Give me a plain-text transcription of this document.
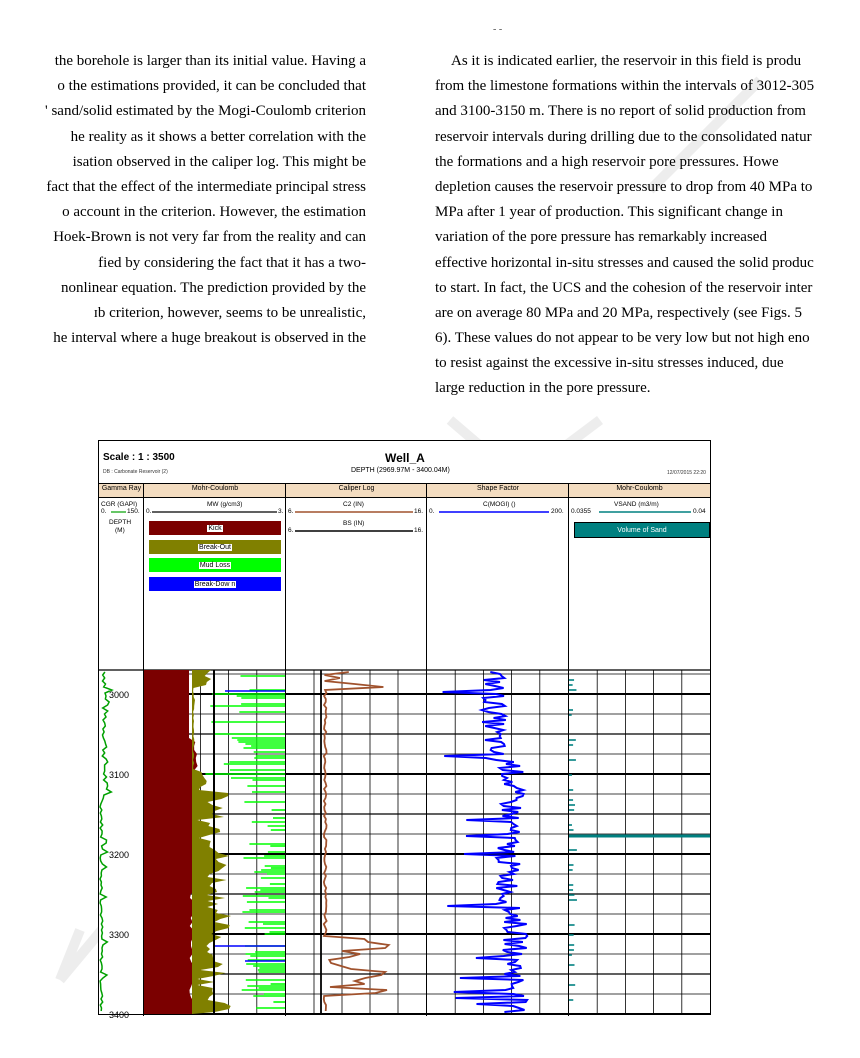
- -
the borehole is larger than its initial value. Having a
o the estimations provided, it can be concluded that
' sand/solid estimated by the Mogi-Coulomb criterion
he reality as it shows a better correlation with the
isation observed in the caliper log. This might be
fact that the effect of the intermediate principal stress
o account in the criterion. However, the estimation
Hoek-Brown is not very far from the reality and can
fied by considering the fact that it has a two-
nonlinear equation. The prediction provided by the
ɪb criterion, however, seems to be unrealistic,
he interval where a huge breakout is observed in the
As it is indicated earlier, the reservoir in this field is produ
from the limestone formations within the intervals of 3012-305
and 3100-3150 m. There is no report of solid production from
reservoir intervals during drilling due to the consolidated natur
the formations and a high reservoir pore pressures. Howe
depletion causes the reservoir pressure to drop from 40 MPa to
MPa after 1 year of production. This significant change in
variation of the pore pressure has remarkably increased
effective horizontal in-situ stresses and caused the solid produc
to start. In fact, the UCS and the cohesion of the reservoir inter
are on average 80 MPa and 20 MPa, respectively (see Figs. 5
6). These values do not appear to be very low but not high eno
to resist against the excessive in-situ stresses induced, due
large reduction in the pore pressure.
Scale : 1 : 3500
DB : Carbonate Reservoir (2)
Well_A
DEPTH (2969.97M - 3400.04M)	12/07/2015 22:20
Gamma Ray	Mohr-Coulomb	Caliper Log	Shape Factor	Mohr-Coulomb
CGR (GAPI)
0.	150.
DEPTH
(M)
MW (g/cm3)
0.	3.
Kick
Break-Out
Mud Loss
Break-Dow n
C2 (IN)
6.	16.
BS (IN)
6.	16.
C(MOGI) ()
0.	200.
VSAND (m3/m)
0.0355	0.04
Volume of Sand
3000
3100
3200
3300
3400
